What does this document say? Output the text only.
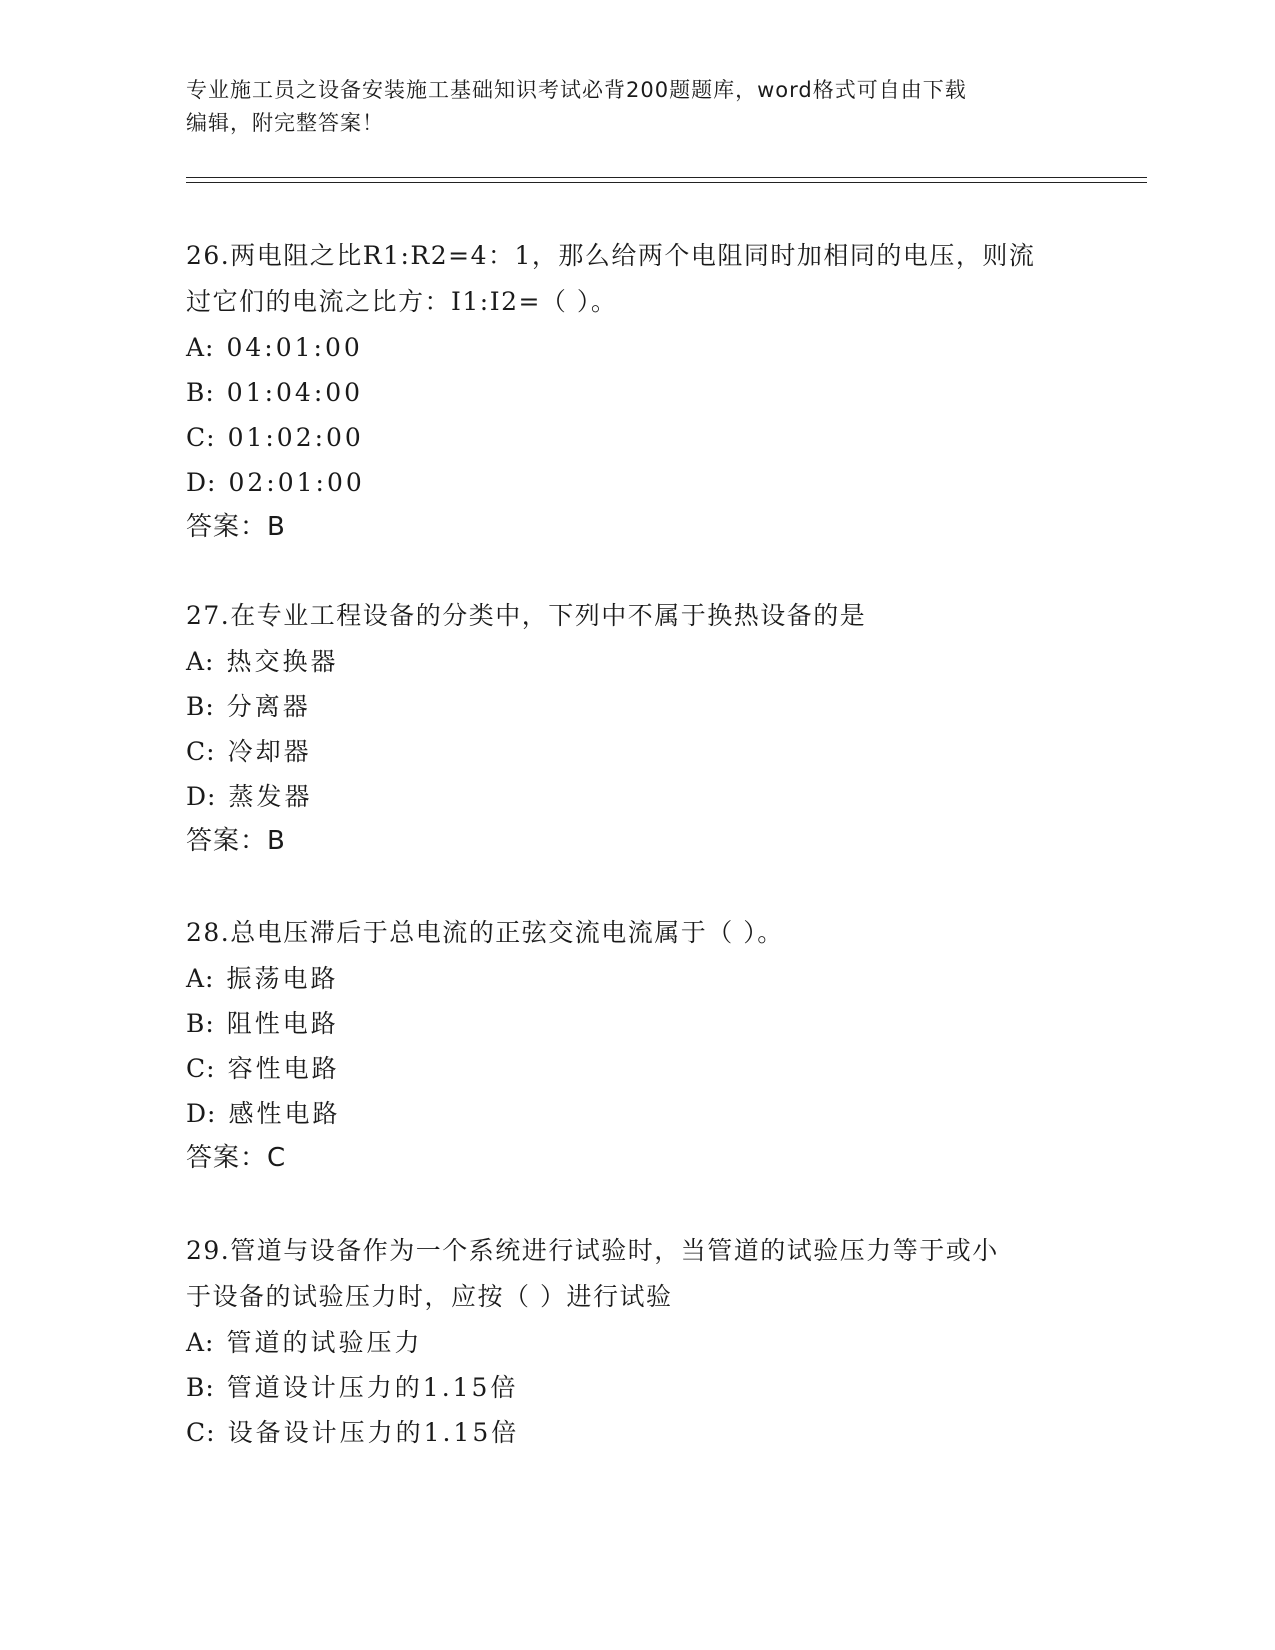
专业施工员之设备安装施工基础知识考试必背200题题库，word格式可自由下载
编辑，附完整答案！
26.两电阻之比R1:R2=4：1，那么给两个电阻同时加相同的电压，则流
过它们的电流之比方：I1:I2=（ ）。
A: 04:01:00
B: 01:04:00
C: 01:02:00
D: 02:01:00
答案：B
27.在专业工程设备的分类中，下列中不属于换热设备的是
A: 热交换器
B: 分离器
C: 冷却器
D: 蒸发器
答案：B
28.总电压滞后于总电流的正弦交流电流属于（ ）。
A: 振荡电路
B: 阻性电路
C: 容性电路
D: 感性电路
答案：C
29.管道与设备作为一个系统进行试验时，当管道的试验压力等于或小
于设备的试验压力时，应按（ ）进行试验
A: 管道的试验压力
B: 管道设计压力的1.15倍
C: 设备设计压力的1.15倍
